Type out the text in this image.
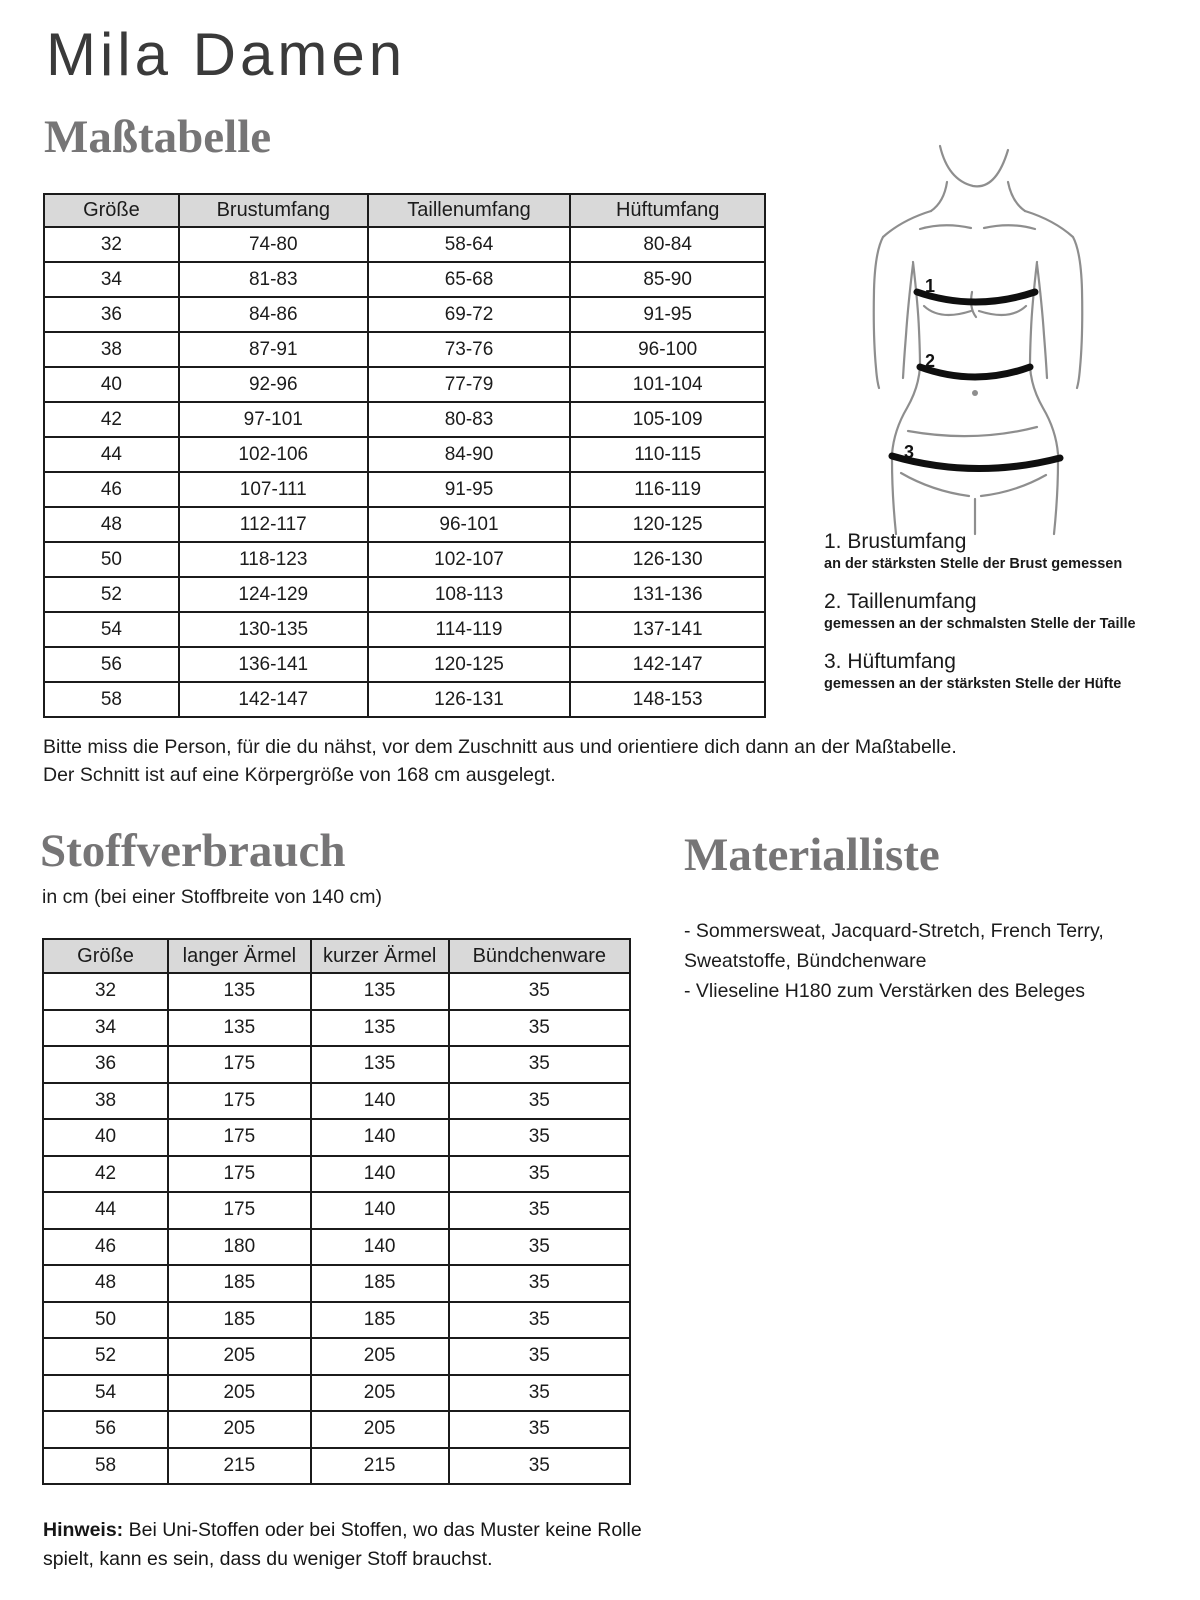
Mila Damen
Maßtabelle
Größe	Brustumfang	Taillenumfang	Hüftumfang
32	74-80	58-64	80-84
34	81-83	65-68	85-90
36	84-86	69-72	91-95
38	87-91	73-76	96-100
40	92-96	77-79	101-104
42	97-101	80-83	105-109
44	102-106	84-90	110-115
46	107-111	91-95	116-119
48	112-117	96-101	120-125
50	118-123	102-107	126-130
52	124-129	108-113	131-136
54	130-135	114-119	137-141
56	136-141	120-125	142-147
58	142-147	126-131	148-153
1
2
3
1. Brustumfang
an der stärksten Stelle der Brust gemessen
2. Taillenumfang
gemessen an der schmalsten Stelle der Taille
3. Hüftumfang
gemessen an der stärksten Stelle der Hüfte
Bitte miss die Person, für die du nähst, vor dem Zuschnitt aus und orientiere dich dann an der Maßtabelle.
Der Schnitt ist auf eine Körpergröße von 168 cm ausgelegt.
Stoffverbrauch
in cm (bei einer Stoffbreite von 140 cm)
Größe	langer Ärmel	kurzer Ärmel	Bündchenware
32	135	135	35
34	135	135	35
36	175	135	35
38	175	140	35
40	175	140	35
42	175	140	35
44	175	140	35
46	180	140	35
48	185	185	35
50	185	185	35
52	205	205	35
54	205	205	35
56	205	205	35
58	215	215	35
Materialliste
- Sommersweat, Jacquard-Stretch, French Terry, Sweatstoffe, Bündchenware
- Vlieseline H180 zum Verstärken des Beleges
Hinweis: Bei Uni-Stoffen oder bei Stoffen, wo das Muster keine Rolle spielt, kann es sein, dass du weniger Stoff brauchst.
